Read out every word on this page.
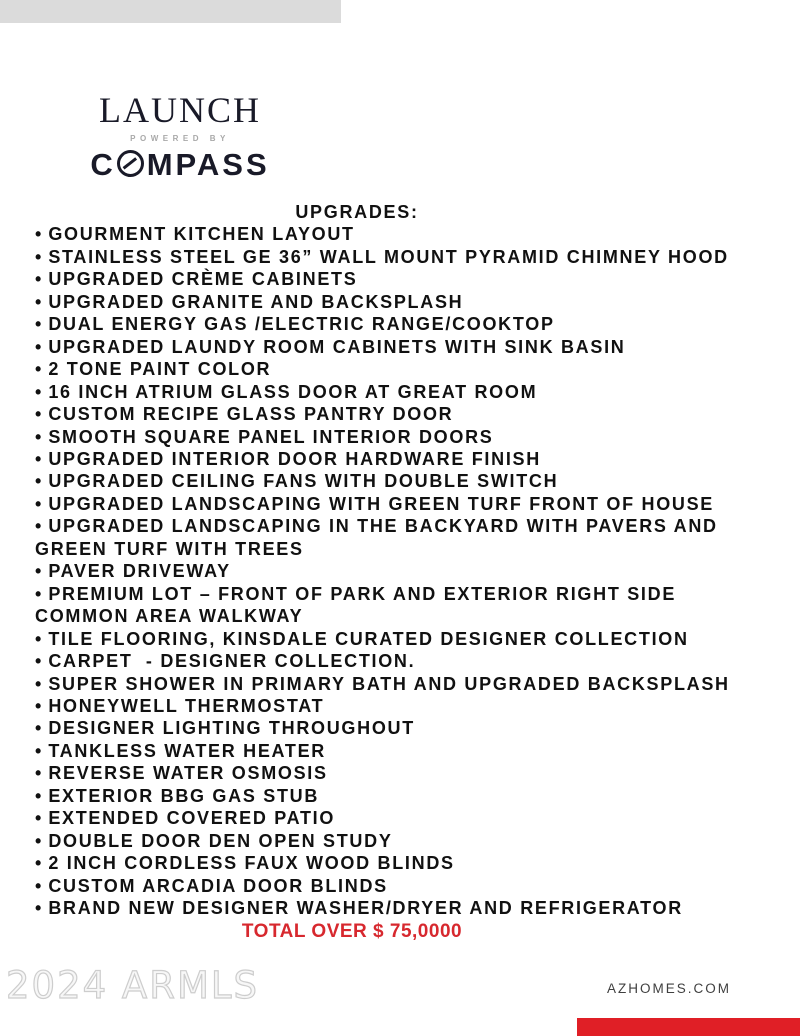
LAUNCH
POWERED BY
C MPASS
UPGRADES:
• GOURMENT KITCHEN LAYOUT
• STAINLESS STEEL GE 36” WALL MOUNT PYRAMID CHIMNEY HOOD
• UPGRADED CRÈME CABINETS
• UPGRADED GRANITE AND BACKSPLASH
• DUAL ENERGY GAS /ELECTRIC RANGE/COOKTOP
• UPGRADED LAUNDY ROOM CABINETS WITH SINK BASIN
• 2 TONE PAINT COLOR
• 16 INCH ATRIUM GLASS DOOR AT GREAT ROOM
• CUSTOM RECIPE GLASS PANTRY DOOR
• SMOOTH SQUARE PANEL INTERIOR DOORS
• UPGRADED INTERIOR DOOR HARDWARE FINISH
• UPGRADED CEILING FANS WITH DOUBLE SWITCH
• UPGRADED LANDSCAPING WITH GREEN TURF FRONT OF HOUSE
• UPGRADED LANDSCAPING IN THE BACKYARD WITH PAVERS AND GREEN TURF WITH TREES
• PAVER DRIVEWAY
• PREMIUM LOT – FRONT OF PARK AND EXTERIOR RIGHT SIDE COMMON AREA WALKWAY
• TILE FLOORING, KINSDALE CURATED DESIGNER COLLECTION
• CARPET  - DESIGNER COLLECTION.
• SUPER SHOWER IN PRIMARY BATH AND UPGRADED BACKSPLASH
• HONEYWELL THERMOSTAT
• DESIGNER LIGHTING THROUGHOUT
• TANKLESS WATER HEATER
• REVERSE WATER OSMOSIS
• EXTERIOR BBG GAS STUB
• EXTENDED COVERED PATIO
• DOUBLE DOOR DEN OPEN STUDY
• 2 INCH CORDLESS FAUX WOOD BLINDS
• CUSTOM ARCADIA DOOR BLINDS
• BRAND NEW DESIGNER WASHER/DRYER AND REFRIGERATOR
TOTAL OVER $ 75,0000
2024 ARMLS	AZHOMES.COM
